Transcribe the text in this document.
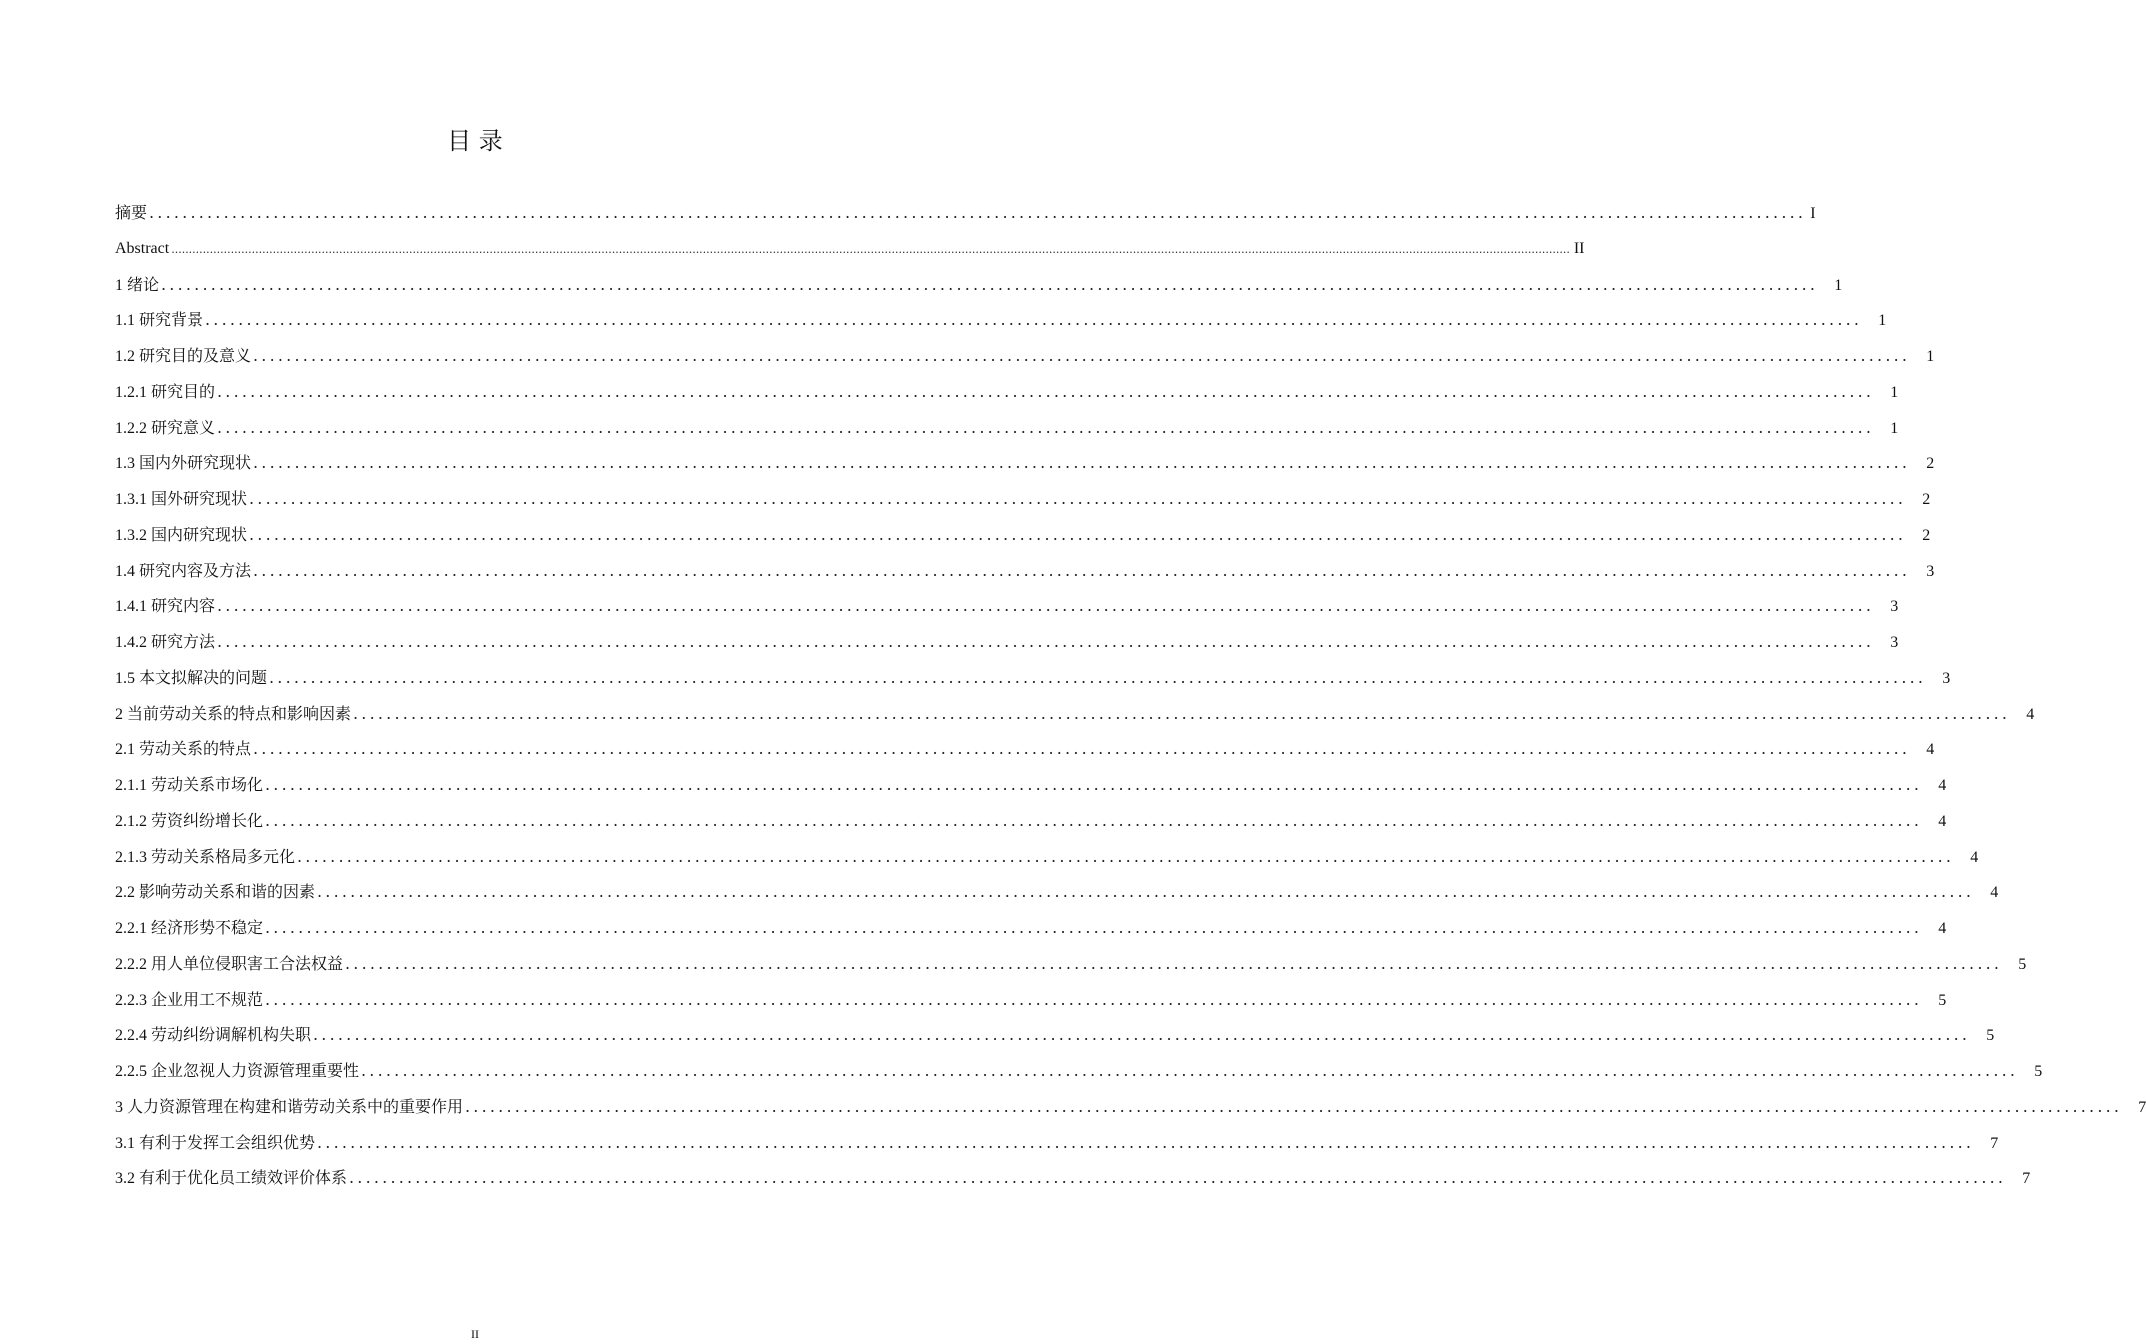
目 录
摘要 ........................................................................................................................................................................................................ I
Abstract ................................................................................................................................................................................................................................................................................................................................................................................................................ II
1 绪论 ........................................................................................................................................................................................................	1
1.1 研究背景 ........................................................................................................................................................................................................	1
1.2 研究目的及意义 ........................................................................................................................................................................................................	1
1.2.1 研究目的 ........................................................................................................................................................................................................	1
1.2.2 研究意义 ........................................................................................................................................................................................................	1
1.3 国内外研究现状 ........................................................................................................................................................................................................	2
1.3.1 国外研究现状 ........................................................................................................................................................................................................	2
1.3.2 国内研究现状 ........................................................................................................................................................................................................	2
1.4 研究内容及方法 ........................................................................................................................................................................................................	3
1.4.1 研究内容 ........................................................................................................................................................................................................	3
1.4.2 研究方法 ........................................................................................................................................................................................................	3
1.5 本文拟解决的问题 ........................................................................................................................................................................................................	3
2 当前劳动关系的特点和影响因素 ........................................................................................................................................................................................................	4
2.1 劳动关系的特点 ........................................................................................................................................................................................................	4
2.1.1 劳动关系市场化 ........................................................................................................................................................................................................	4
2.1.2 劳资纠纷增长化 ........................................................................................................................................................................................................	4
2.1.3 劳动关系格局多元化 ........................................................................................................................................................................................................	4
2.2 影响劳动关系和谐的因素 ........................................................................................................................................................................................................	4
2.2.1 经济形势不稳定 ........................................................................................................................................................................................................	4
2.2.2 用人单位侵职害工合法权益 ........................................................................................................................................................................................................	5
2.2.3 企业用工不规范 ........................................................................................................................................................................................................	5
2.2.4 劳动纠纷调解机构失职 ........................................................................................................................................................................................................	5
2.2.5 企业忽视人力资源管理重要性 ........................................................................................................................................................................................................	5
3 人力资源管理在构建和谐劳动关系中的重要作用 ........................................................................................................................................................................................................	7
3.1 有利于发挥工会组织优势 ........................................................................................................................................................................................................	7
3.2 有利于优化员工绩效评价体系 ........................................................................................................................................................................................................	7
II
